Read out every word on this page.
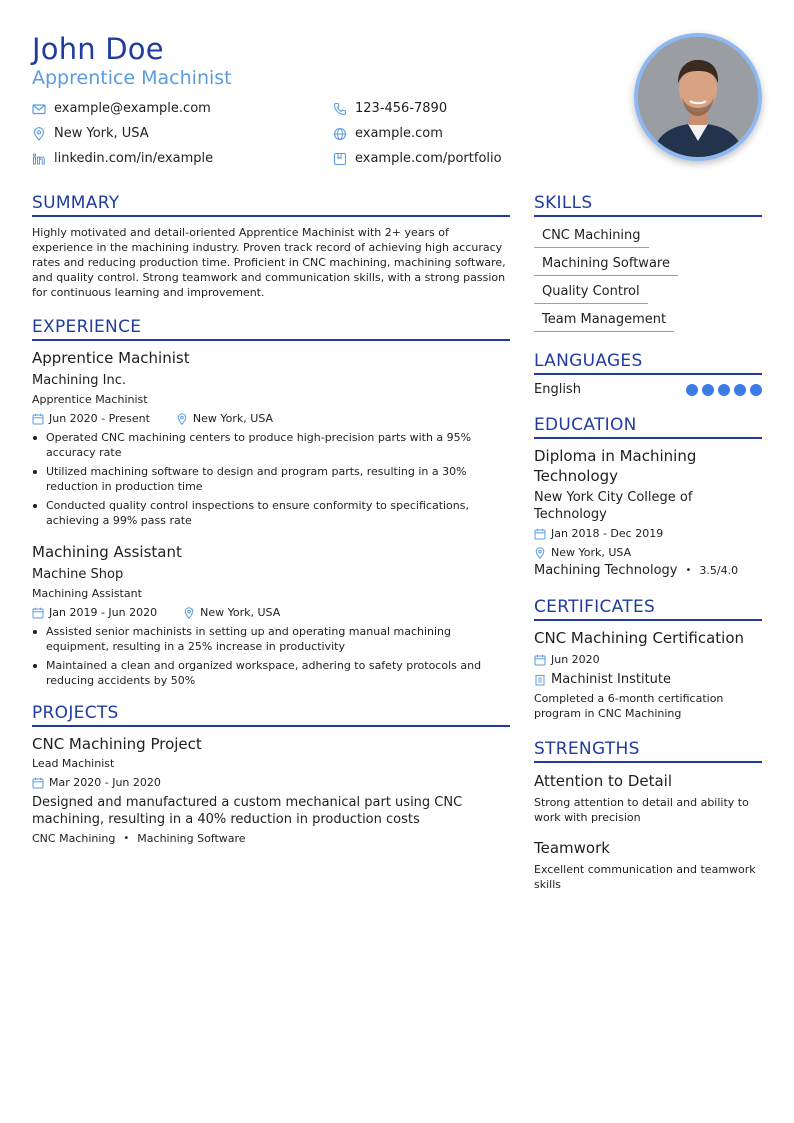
John Doe
Apprentice Machinist
example@example.com	123-456-7890
New York, USA	example.com
linkedin.com/in/example	example.com/portfolio
SUMMARY

Highly motivated and detail-oriented Apprentice Machinist with 2+ years of experience in the machining industry. Proven track record of achieving high accuracy rates and reducing production time. Proficient in CNC machining, machining software, and quality control. Strong teamwork and communication skills, with a strong passion for continuous learning and improvement.

EXPERIENCE
Apprentice Machinist
Machining Inc.
Apprentice Machinist
Jun 2020 - Present	New York, USA
Operated CNC machining centers to produce high-precision parts with a 95% accuracy rate
Utilized machining software to design and program parts, resulting in a 30% reduction in production time
Conducted quality control inspections to ensure conformity to specifications, achieving a 99% pass rate
Machining Assistant
Machine Shop
Machining Assistant
Jan 2019 - Jun 2020	New York, USA
Assisted senior machinists in setting up and operating manual machining equipment, resulting in a 25% increase in productivity
Maintained a clean and organized workspace, adhering to safety protocols and reducing accidents by 50%
PROJECTS
CNC Machining Project
Lead Machinist
Mar 2020 - Jun 2020
Designed and manufactured a custom mechanical part using CNC machining, resulting in a 40% reduction in production costs
CNC Machining • Machining Software
SKILLS
CNC Machining
Machining Software
Quality Control
Team Management
LANGUAGES
English
EDUCATION
Diploma in Machining Technology
New York City College of Technology
Jan 2018 - Dec 2019
New York, USA
Machining Technology • 3.5/4.0
CERTIFICATES
CNC Machining Certification
Jun 2020
Machinist Institute
Completed a 6-month certification program in CNC Machining
STRENGTHS
Attention to Detail
Strong attention to detail and ability to work with precision
Teamwork
Excellent communication and teamwork skills
